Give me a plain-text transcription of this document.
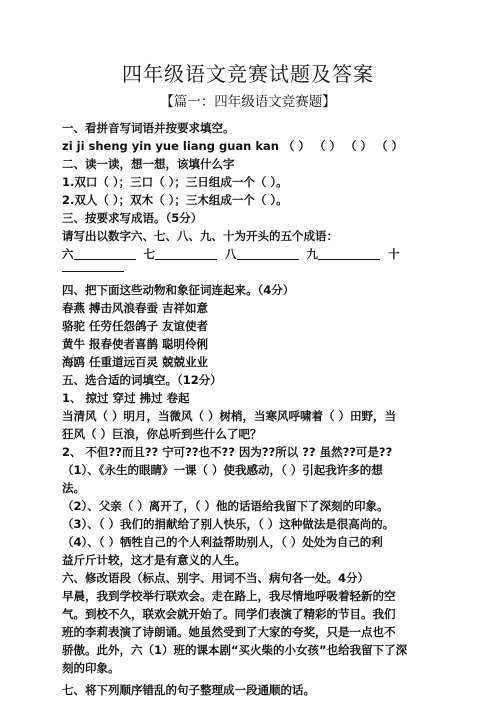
四年级语文竞赛试题及答案
【篇一：四年级语文竞赛题】
一、看拼音写词语并按要求填空。
zi ji sheng yin yue liang guan kan （ ） （ ） （ ） （ ）
二、读一读，想一想，该填什么字
1.双口（ ）；三口（ ）；三日组成一个（ ）。
2.双人（ ）；双木（ ）；三木组成一个（ ）。
三、按要求写成语。（5分）
请写出以数字六、七、八、九、十为开头的五个成语：
六	七	八	九	十
四、把下面这些动物和象征词连起来。（4分）
春燕 搏击风浪春蚕 吉祥如意
骆驼 任劳任怨鸽子 友谊使者
黄牛 报春使者喜鹊 聪明伶俐
海鸥 任重道远百灵 兢兢业业
五、选合适的词填空。（12分）
1、 掠过 穿过 拂过 卷起
当清风（ ）明月，当微风（ ）树梢，当寒风呼啸着（ ）田野，当
狂风（ ）巨浪，你总听到些什么了吧？
2、 不但??而且?? 宁可??也不?? 因为??所以 ?? 虽然??可是??
（1）、《永生的眼睛》一课（ ）使我感动，（ ）引起我许多的想
法。
（2）、父亲（ ）离开了，（ ）他的话语给我留下了深刻的印象。
（3）、（ ）我们的捐献给了别人快乐，（ ）这种做法是很高尚的。
（4）、（ ）牺牲自己的个人利益帮助别人，（ ）处处为自己的利
益斤斤计较，这才是有意义的人生。
六、修改语段（标点、别字、用词不当、病句各一处。4分）
早晨，我到学校举行联欢会。走在路上，我尽情地呼吸着轻新的空
气。到校不久，联欢会就开始了。同学们表演了精彩的节目。我们
班的李莉表演了诗朗诵。她虽然受到了大家的夸奖，只是一点也不
骄傲。此外，六（1）班的课本剧“买火柴的小女孩”也给我留下了深
刻的印象。
七、将下列顺序错乱的句子整理成一段通顺的话。
